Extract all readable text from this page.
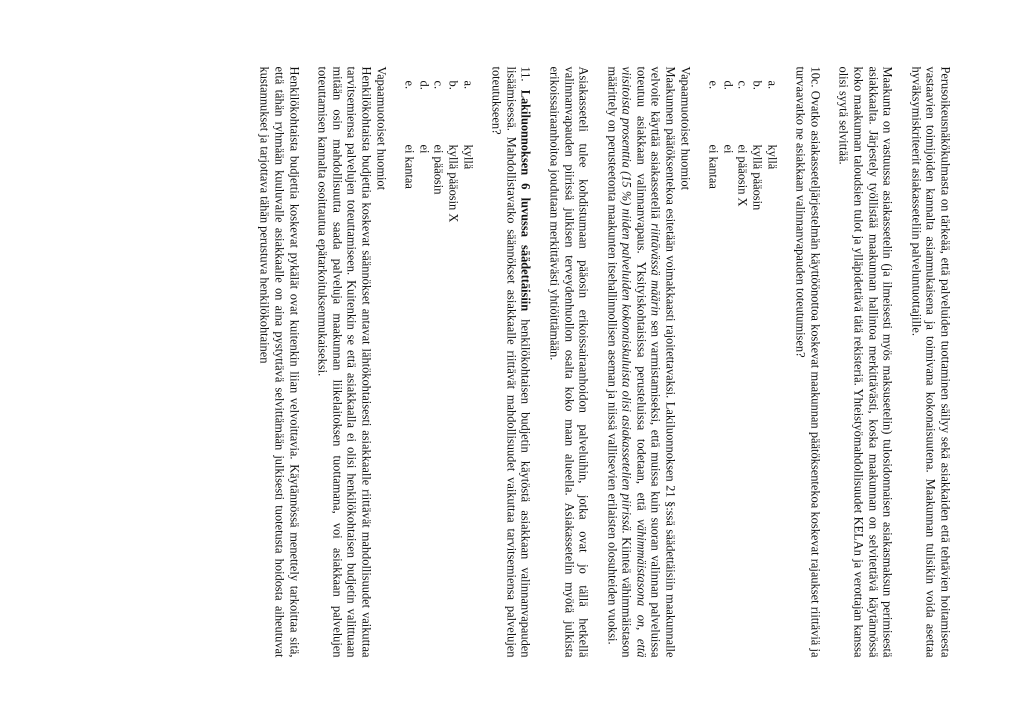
Perusoikeusnäkökulmasta on tärkeää, että palveluiden tuottaminen säilyy sekä asiakkaiden että tehtävien hoitamisesta vastaavien toimijoiden kannalta asianmukaisena ja toimivana kokonaisuutena. Maakunnan tulisikin voida asettaa hyväksymiskriteerit asiakasseteliin palveluntuottajille.

Maakunta on vastuussa asiakassetelin (ja ilmeisesti myös maksusetelin) tulosidonnaisen asiakasmaksun perimisestä asiakkaalta. Järjestely työllistää maakunnan hallintoa merkittävästi, koska maakunnan on selvitettävä käytännössä koko maakunnan taloudsien tulot ja ylläpidettävä tätä rekisteriä. Yhteistyömahdollisuudet KELAn ja verottajan kanssa olisi syytä selvittää.

10c. Ovatko asiakasseteljärjestelmän käyttöönottoa koskevat maakunnan päätöksentekoa koskevat rajaukset riittäviä ja turvaavatko ne asiakkaan valinnanvapauden toteutumisen?

a.
kyllä
b.
kyllä pääosin
c.
ei pääosin X
d.
ei
e.
ei kantaa

Vapaamuotoiset huomiot

Maakunnen päätöksentekoa esitetään voimakkaasti rajoitettavaksi. Lakiluonnoksen 21 §:ssä säädettäisiin maakunnalle velvoite käyttää asiakasseteliä riittävässä määrin sen varmistamiseksi, että muissa kuin suoran valinnan palveluissa toteutuu asiakkaan valinnanvapaus. Yksityiskohtaisissa perusteluissa todetaan, että vähimmäistasona on, että viisitoista prosenttia (15 %) niiden palveluiden kokonaiskuluista olisi asiakassetelien piirissä. Kiinteä vähimmäistason määrittely on perusteetonta maakunten itsehallinnollisen aseman ja niissä vallitsevien erilaisten olosuhteiden vuoksi.

Asiakasseteli tulee kohdistumaan pääosin erikoissairaanhoidon palveluihin, jotka ovat jo tällä hetkellä valinnanvapauden piirissä julkisen terveydenhuollon osalta koko maan alueella. Asiakassetelin myötä julkista erikoissairaanhoitoa joudutaan merkittävästi yhtiöittämään.

11. Lakiluonnoksen 6 luvussa säädettäisiin henkilökohtaisen budjetin käytöstä asiakkaan valinnanvapauden lisäämisessä. Mahdollistavatko säännökset asiakkaalle riittävät mahdollisuudet vaikuttaa tarvitsemiensa palvelujen toteutukseen?

a.
kyllä
b.
kyllä pääosin X
c.
ei pääosin
d.
ei
e.
ei kantaa

Vapaamuotoiset huomiot

Henkilökohtaista budjettia koskevat säännökset antavat lähtökohtaisesti asiakkaalle riittävät mahdollisuudet vaikuttaa tarvitsemiensa palvelujen toteuttamiseen. Kuitenkin se että asiakkaalla ei olisi henkilökohtaisen budjetin valittuaan mitään osin mahdollisuutta saada palveluja maakunnan liikelaitoksen tuottamana, voi asiakkaan palvelujen toteuttamisen kannalta osoittautua epätarkoituksenmukaiseksi.

Henkilökohtaista budjettia koskevat pykälät ovat kuitenkin liian velvoittavia. Käytännössä menettely tarkoittaa sitä, että tähän ryhmään kuuluvalle asiakkaalle on aina pystyttävä selvittämään julkisesti tuotetusta hoidosta aiheutuvat kustannukset ja tarjottava tähän perustuva henkilökohtainen
